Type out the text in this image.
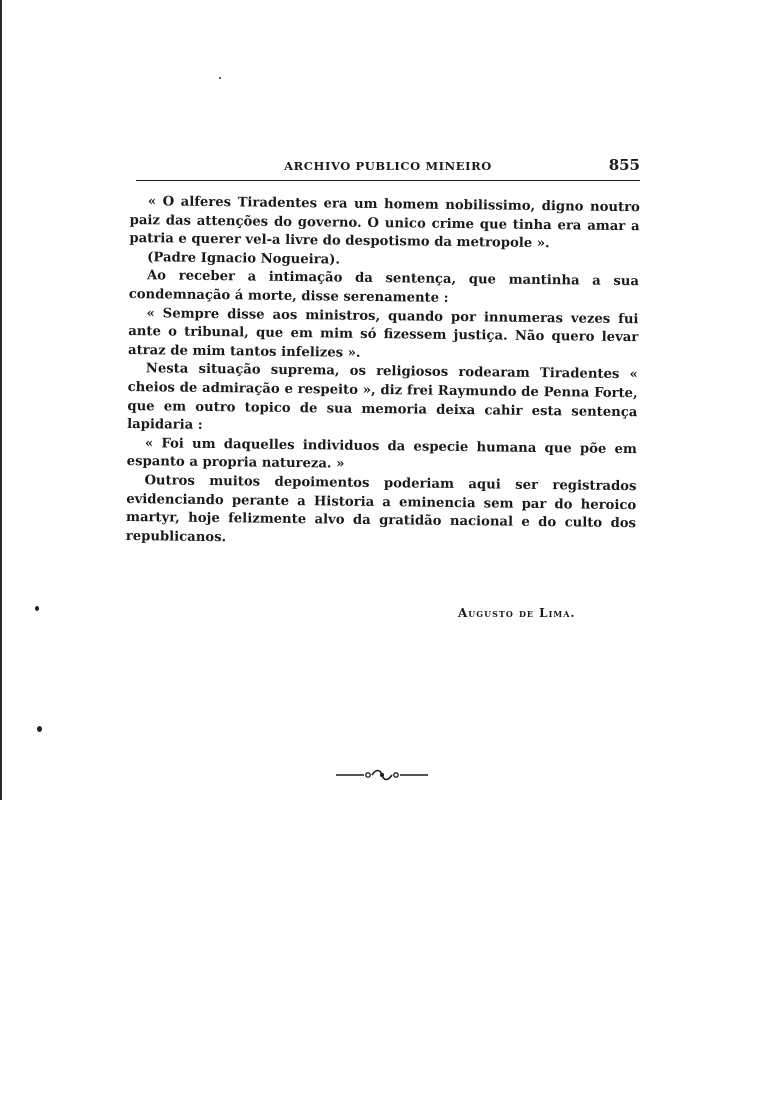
ARCHIVO PUBLICO MINEIRO	855

« O alferes Tiradentes era um homem nobilissimo, digno noutro paiz das attenções do governo. O unico crime que tinha era amar a patria e querer vel-a livre do despotismo da metropole ».

(Padre Ignacio Nogueira).

Ao receber a intimação da sentença, que mantinha a sua condemnação á morte, disse serenamente :

« Sempre disse aos ministros, quando por innumeras vezes fui ante o tribunal, que em mim só fizessem justiça. Não quero levar atraz de mim tantos infelizes ».

Nesta situação suprema, os religiosos rodearam Tiradentes « cheios de admiração e respeito », diz frei Raymundo de Penna Forte, que em outro topico de sua memoria deixa cahir esta sentença lapidaria :

« Foi um daquelles individuos da especie humana que põe em espanto a propria natureza. »

Outros muitos depoimentos poderiam aqui ser registrados evidenciando perante a Historia a eminencia sem par do heroico martyr, hoje felizmente alvo da gratidão nacional e do culto dos republicanos.

Augusto de Lima.
